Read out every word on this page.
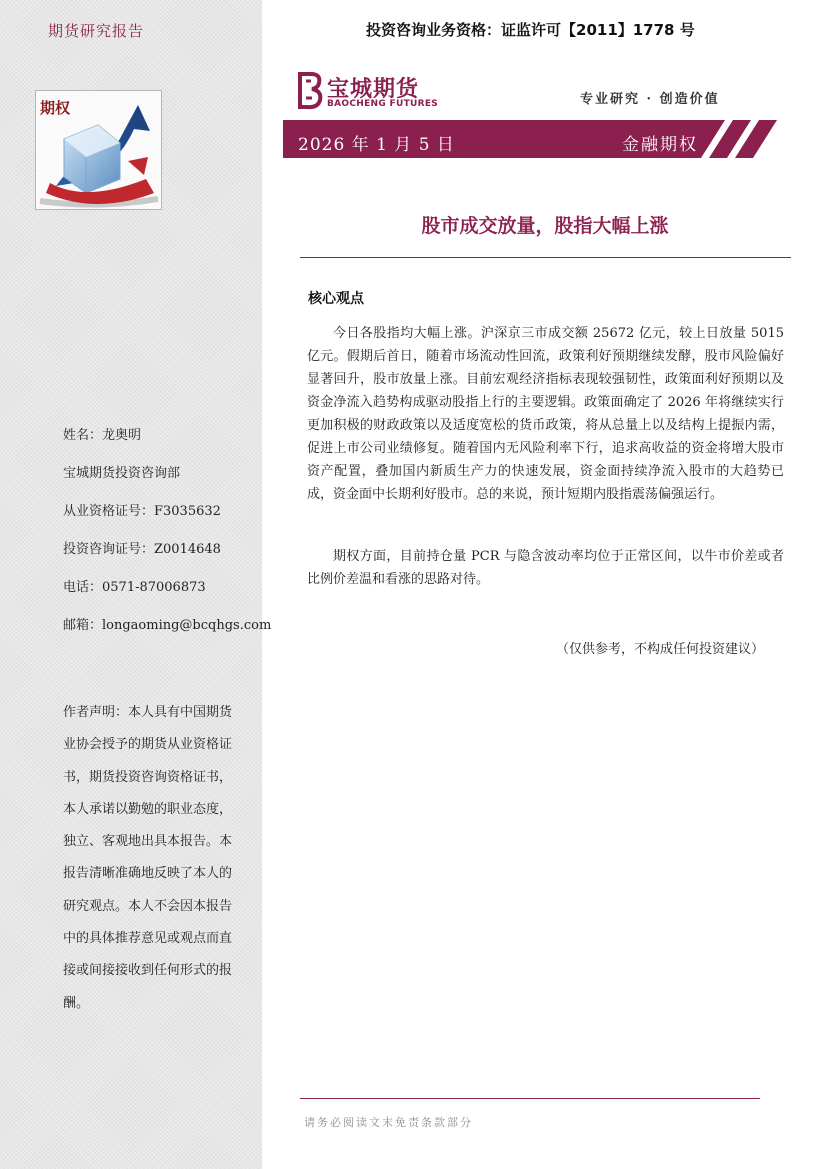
期货研究报告
期权
姓名：龙奥明
宝城期货投资咨询部
从业资格证号：F3035632
投资咨询证号：Z0014648
电话：0571-87006873
邮箱：longaoming@bcqhgs.com
作者声明：本人具有中国期货业协会授予的期货从业资格证书，期货投资咨询资格证书，本人承诺以勤勉的职业态度，独立、客观地出具本报告。本报告清晰准确地反映了本人的研究观点。本人不会因本报告中的具体推荐意见或观点而直接或间接接收到任何形式的报酬。
投资咨询业务资格：证监许可【2011】1778 号
宝城期货
BAOCHENG FUTURES	专业研究 · 创造价值
2026 年 1 月 5 日	金融期权
股市成交放量，股指大幅上涨
核心观点

今日各股指均大幅上涨。沪深京三市成交额 25672 亿元，较上日放量 5015 亿元。假期后首日，随着市场流动性回流，政策利好预期继续发酵，股市风险偏好显著回升，股市放量上涨。目前宏观经济指标表现较强韧性，政策面利好预期以及资金净流入趋势构成驱动股指上行的主要逻辑。政策面确定了 2026 年将继续实行更加积极的财政政策以及适度宽松的货币政策，将从总量上以及结构上提振内需，促进上市公司业绩修复。随着国内无风险利率下行，追求高收益的资金将增大股市资产配置，叠加国内新质生产力的快速发展，资金面持续净流入股市的大趋势已成，资金面中长期利好股市。总的来说，预计短期内股指震荡偏强运行。

期权方面，目前持仓量 PCR 与隐含波动率均位于正常区间，以牛市价差或者比例价差温和看涨的思路对待。

（仅供参考，不构成任何投资建议）
请务必阅读文末免责条款部分
